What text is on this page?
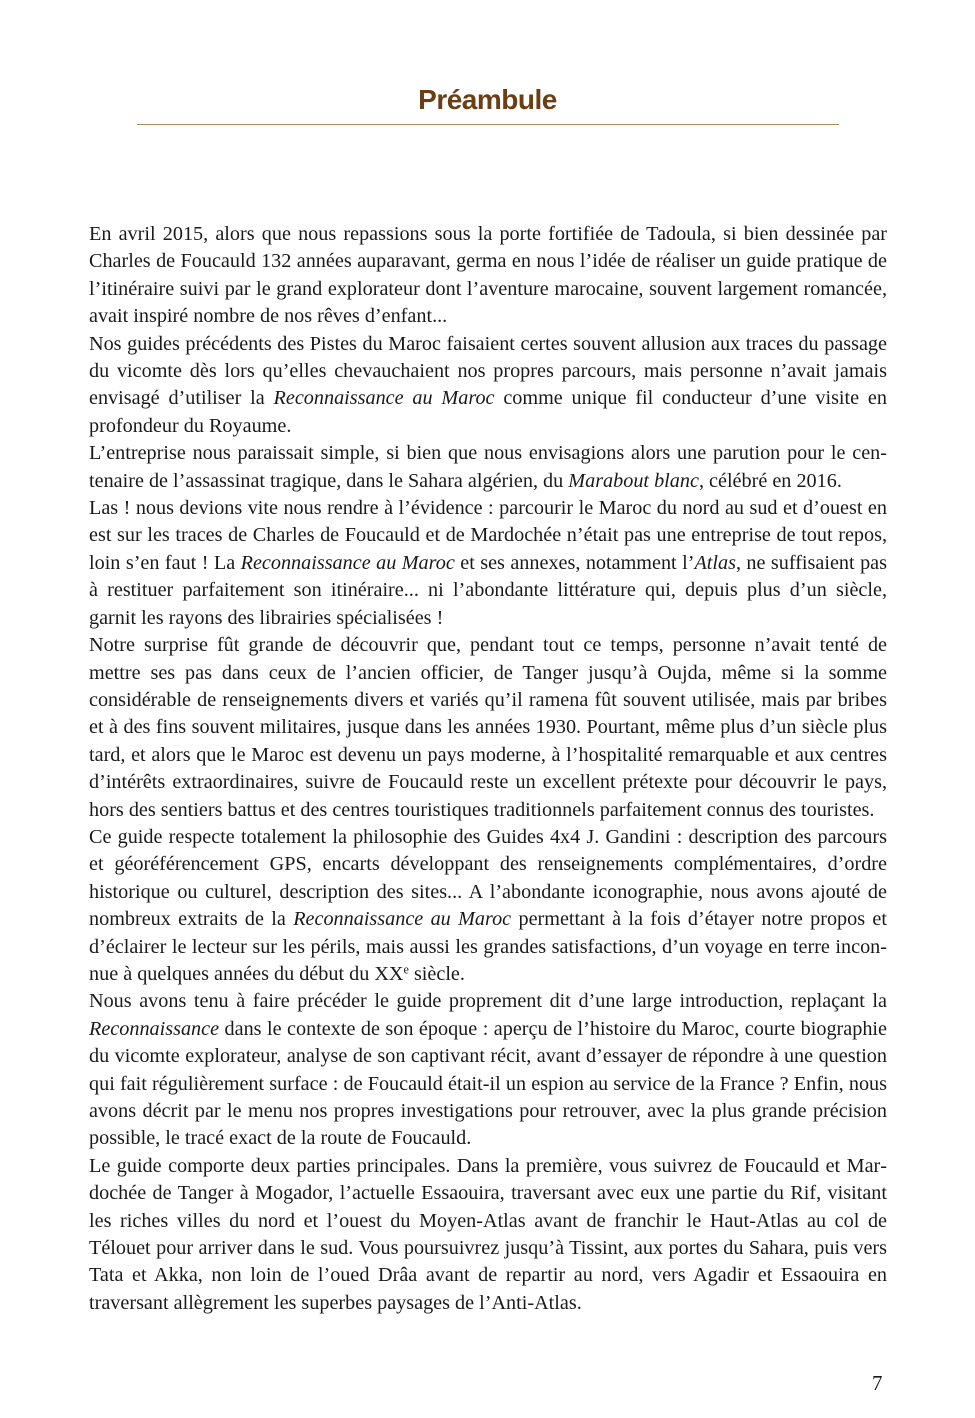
Préambule

En avril 2015, alors que nous repassions sous la porte fortifiée de Tadoula, si bien dessinée par Charles de Foucauld 132 années auparavant, germa en nous l’idée de réaliser un guide pratique de l’itinéraire suivi par le grand explorateur dont l’aventure marocaine, souvent largement romancée, avait inspiré nombre de nos rêves d’enfant...

Nos guides précédents des Pistes du Maroc faisaient certes souvent allusion aux traces du passage du vicomte dès lors qu’elles chevauchaient nos propres parcours, mais personne n’avait jamais envisagé d’utiliser la Reconnaissance au Maroc comme unique fil conducteur d’une visite en profondeur du Royaume.

L’entreprise nous paraissait simple, si bien que nous envisagions alors une parution pour le centenaire de l’assassinat tragique, dans le Sahara algérien, du Marabout blanc, célébré en 2016.

Las ! nous devions vite nous rendre à l’évidence : parcourir le Maroc du nord au sud et d’ouest en est sur les traces de Charles de Foucauld et de Mardochée n’était pas une entreprise de tout repos, loin s’en faut ! La Reconnaissance au Maroc et ses annexes, notamment l’Atlas, ne suffisaient pas à restituer parfaitement son itinéraire... ni l’abondante littérature qui, depuis plus d’un siècle, garnit les rayons des librairies spécialisées !

Notre surprise fût grande de découvrir que, pendant tout ce temps, personne n’avait tenté de mettre ses pas dans ceux de l’ancien officier, de Tanger jusqu’à Oujda, même si la somme considérable de renseignements divers et variés qu’il ramena fût souvent utilisée, mais par bribes et à des fins souvent militaires, jusque dans les années 1930. Pourtant, même plus d’un siècle plus tard, et alors que le Maroc est devenu un pays moderne, à l’hospitalité remarquable et aux centres d’intérêts extraordinaires, suivre de Foucauld reste un excellent prétexte pour découvrir le pays, hors des sentiers battus et des centres touristiques traditionnels parfaitement connus des touristes.

Ce guide respecte totalement la philosophie des Guides 4x4 J. Gandini : description des parcours et géoréférencement GPS, encarts développant des renseignements complémentaires, d’ordre historique ou culturel, description des sites... A l’abondante iconographie, nous avons ajouté de nombreux extraits de la Reconnaissance au Maroc permettant à la fois d’étayer notre propos et d’éclairer le lecteur sur les périls, mais aussi les grandes satisfactions, d’un voyage en terre inconnue à quelques années du début du XXe siècle.

Nous avons tenu à faire précéder le guide proprement dit d’une large introduction, replaçant la Reconnaissance dans le contexte de son époque : aperçu de l’histoire du Maroc, courte biographie du vicomte explorateur, analyse de son captivant récit, avant d’essayer de répondre à une question qui fait régulièrement surface : de Foucauld était-il un espion au service de la France ? Enfin, nous avons décrit par le menu nos propres investigations pour retrouver, avec la plus grande précision possible, le tracé exact de la route de Foucauld.

Le guide comporte deux parties principales. Dans la première, vous suivrez de Foucauld et Mardochée de Tanger à Mogador, l’actuelle Essaouira, traversant avec eux une partie du Rif, visitant les riches villes du nord et l’ouest du Moyen-Atlas avant de franchir le Haut-Atlas au col de Télouet pour arriver dans le sud. Vous poursuivrez jusqu’à Tissint, aux portes du Sahara, puis vers Tata et Akka, non loin de l’oued Drâa avant de repartir au nord, vers Agadir et Essaouira en traversant allègrement les superbes paysages de l’Anti-Atlas.

7
